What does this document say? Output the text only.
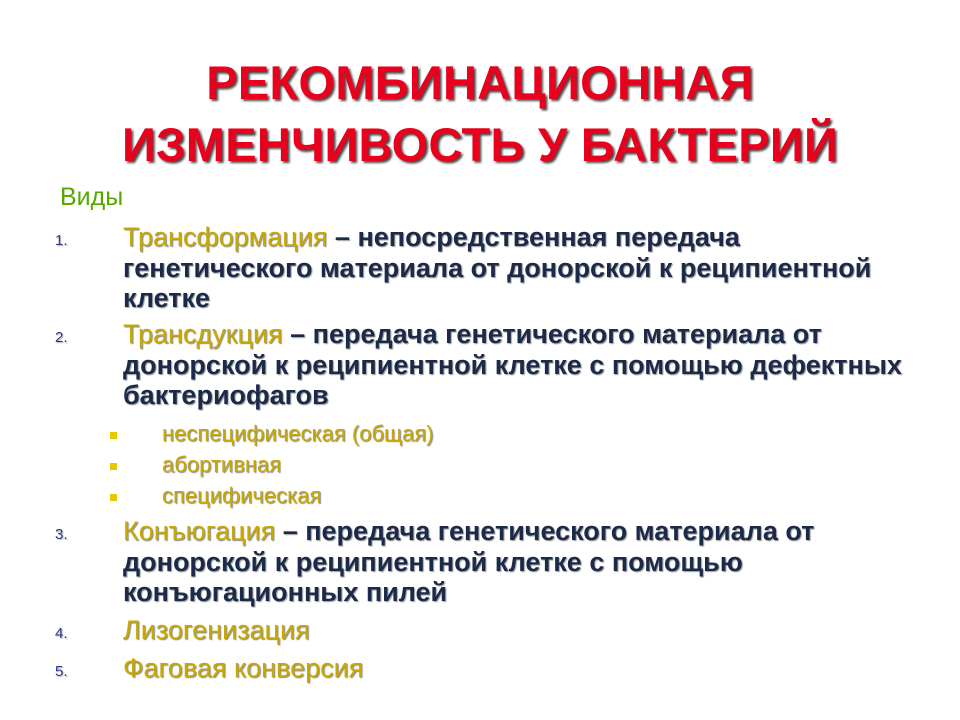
РЕКОМБИНАЦИОННАЯ
ИЗМЕНЧИВОСТЬ У БАКТЕРИЙ
Виды
1. Трансформация – непосредственная передача генетического материала от донорской к реципиентной клетке
2. Трансдукция – передача генетического материала от донорской к реципиентной клетке с помощью дефектных бактериофагов
неспецифическая (общая)
абортивная
специфическая
3. Конъюгация – передача генетического материала от донорской к реципиентной клетке с помощью конъюгационных пилей
4. Лизогенизация
5. Фаговая конверсия
